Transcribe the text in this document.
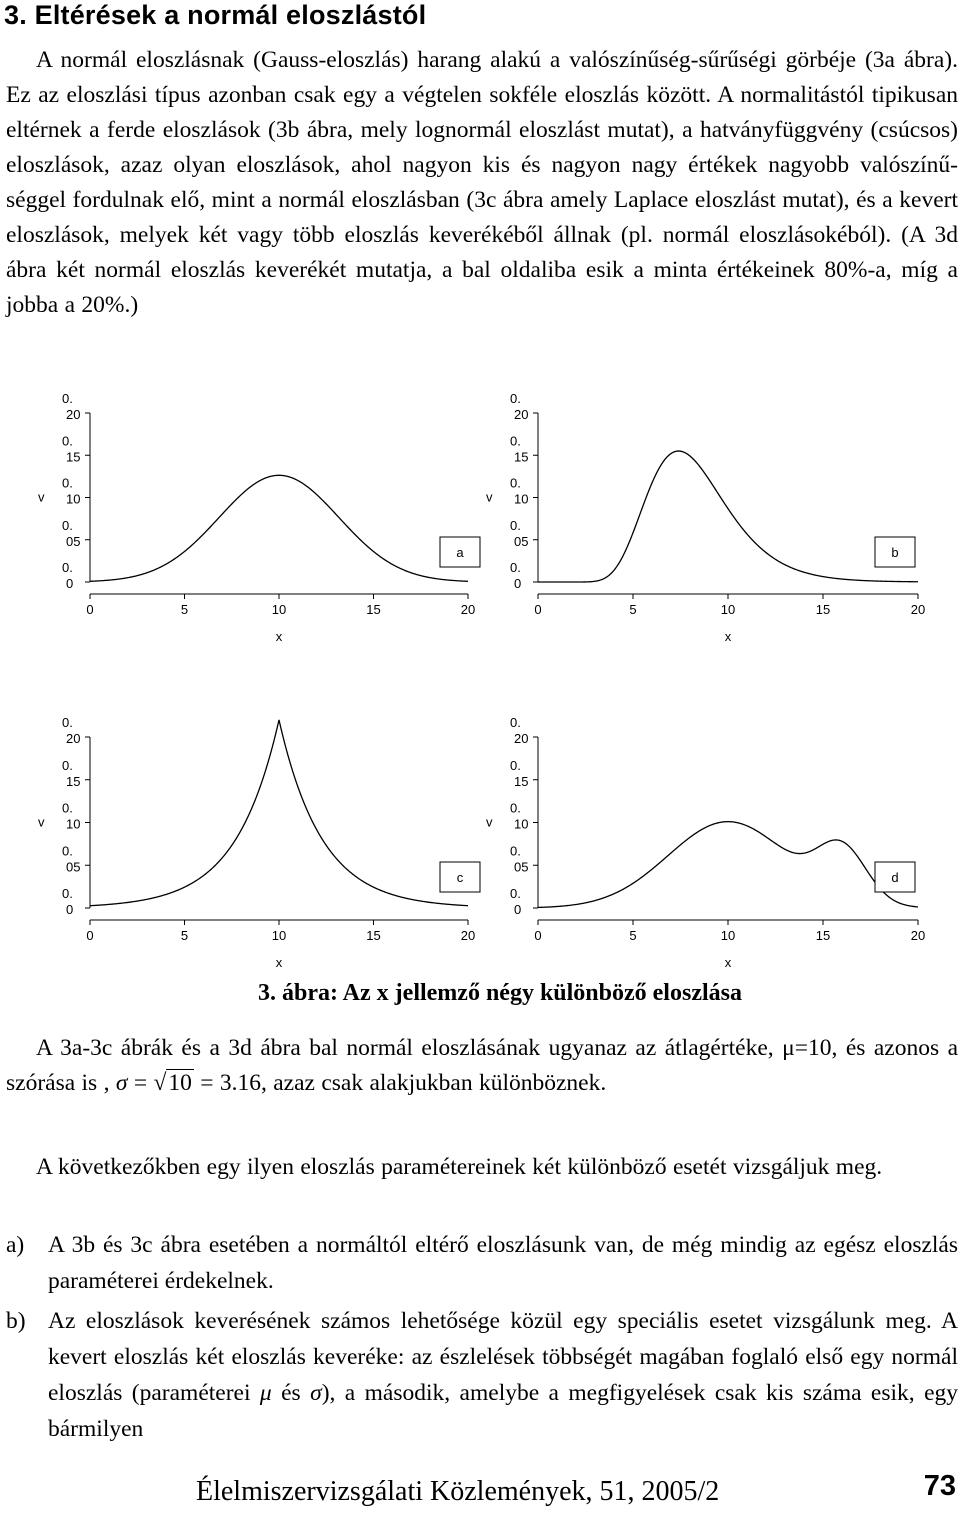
3. Eltérések a normál eloszlástól
A normál eloszlásnak (Gauss-eloszlás) harang alakú a valószínűség-sűrűségi görbéje (3a ábra). Ez az eloszlási típus azonban csak egy a végtelen sokféle eloszlás között. A normalitástól tipikusan eltérnek a ferde eloszlások (3b ábra, mely lognormál eloszlást mutat), a hatványfüggvény (csúcsos) eloszlások, azaz olyan eloszlások, ahol nagyon kis és nagyon nagy értékek nagyobb valószínű-séggel fordulnak elő, mint a normál eloszlásban (3c ábra amely Laplace eloszlást mutat), és a kevert eloszlások, melyek két vagy több eloszlás keverékéből állnak (pl. normál eloszlásokéból). (A 3d ábra két normál eloszlás keverékét mutatja, a bal oldaliba esik a minta értékeinek 80%-a, míg a jobba a 20%.)
0.
20
0.
15
0.
10
0.
05
0.
0
v
0	5	10	15	20
x
a
0.
20
0.
15
0.
10
0.
05
0.
0
v
0	5	10	15	20
x
b
0.
20
0.
15
0.
10
0.
05
0.
0
v
0	5	10	15	20
x
c
0.
20
0.
15
0.
10
0.
05
0.
0
v
0	5	10	15	20
x
d
3. ábra: Az x jellemző négy különböző eloszlása
A 3a-3c ábrák és a 3d ábra bal normál eloszlásának ugyanaz az átlagértéke, μ=10, és azonos a szórása is , σ = √10 = 3.16, azaz csak alakjukban különböznek.
A következőkben egy ilyen eloszlás paramétereinek két különböző esetét vizsgáljuk meg.
a) A 3b és 3c ábra esetében a normáltól eltérő eloszlásunk van, de még mindig az egész eloszlás paraméterei érdekelnek.
b) Az eloszlások keverésének számos lehetősége közül egy speciális esetet vizsgálunk meg. A kevert eloszlás két eloszlás keveréke: az észlelések többségét magában foglaló első egy normál eloszlás (paraméterei μ és σ), a második, amelybe a megfigyelések csak kis száma esik, egy bármilyen
Élelmiszervizsgálati Közlemények, 51, 2005/2	73
